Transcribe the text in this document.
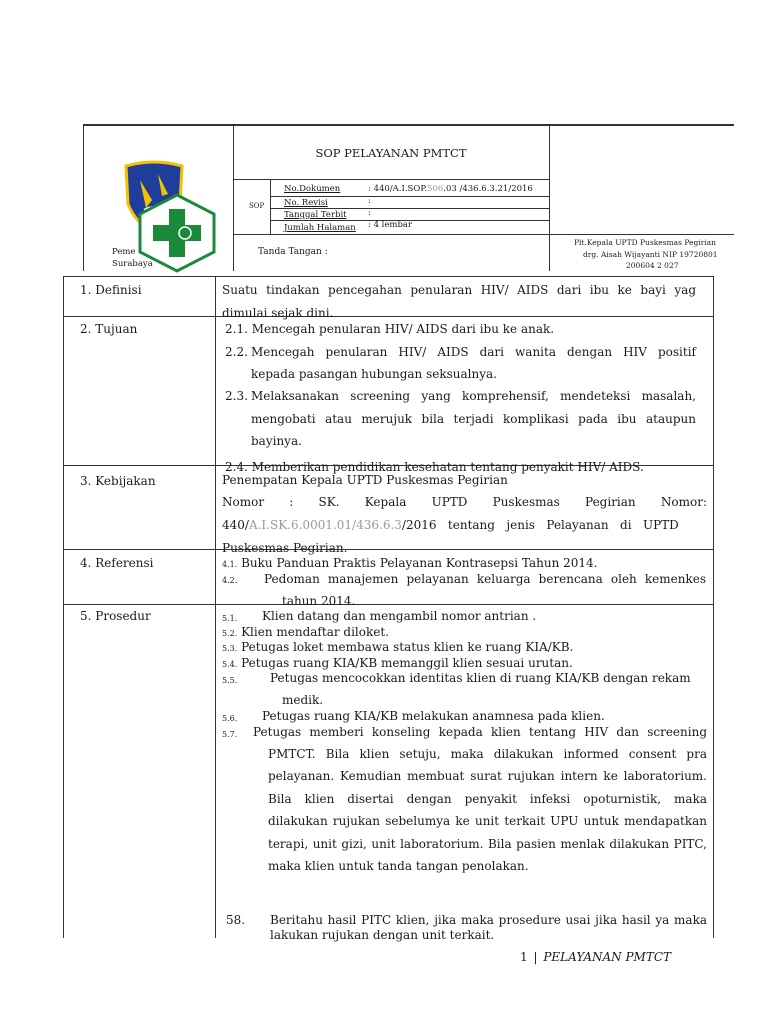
Peme
Surabaya
SOP PELAYANAN PMTCT
SOP
No.Dokumen	: 440/A.I.SOP.506.03 /436.6.3.21/2016
No. Revisi	:
Tanggal Terbit	:
Jumlah Halaman : 4 lembar
Tanda Tangan :
Plt.Kepala UPTD Puskesmas Pegirian
drg. Aisah Wijayanti NIP 19720801
200604 2 027
1. Definisi	Suatu tindakan pencegahan penularan HIV/ AIDS dari ibu ke bayi yag
dimulai sejak dini.
2. Tujuan	2.1. Mencegah penularan HIV/ AIDS dari ibu ke anak.
2.2. Mencegah penularan HIV/ AIDS dari wanita dengan HIV positif
kepada pasangan hubungan seksualnya.
2.3. Melaksanakan screening yang komprehensif, mendeteksi masalah,
mengobati atau merujuk bila terjadi komplikasi pada ibu ataupun
bayinya.
2.4. Memberikan pendidikan kesehatan tentang penyakit HIV/ AIDS.
3. Kebijakan	Penempatan Kepala UPTD Puskesmas Pegirian
Nomor : SK. Kepala UPTD Puskesmas Pegirian Nomor:
440/A.I.SK.6.0001.01/436.6.3/2016   tentang   jenis   Pelayanan   di   UPTD
Puskesmas Pegirian.
4. Referensi	4.1. Buku Panduan Praktis Pelayanan Kontrasepsi Tahun 2014.
4.2. Pedoman manajemen pelayanan keluarga berencana oleh kemenkes
tahun 2014.
5. Prosedur	5.1. Klien datang dan mengambil nomor antrian .
5.2. Klien mendaftar diloket.
5.3. Petugas loket membawa status klien ke ruang KIA/KB.
5.4. Petugas ruang KIA/KB memanggil klien sesuai urutan.
5.5.	Petugas mencocokkan identitas klien di ruang KIA/KB dengan rekam
medik.
5.6. Petugas ruang KIA/KB melakukan anamnesa pada klien.
5.7. Petugas memberi konseling kepada klien tentang HIV dan screening
PMTCT. Bila klien setuju, maka dilakukan informed consent pra
pelayanan. Kemudian membuat surat rujukan intern ke laboratorium.
Bila klien disertai dengan penyakit infeksi opoturnistik, maka
dilakukan rujukan sebelumya ke unit terkait UPU untuk mendapatkan
terapi, unit gizi, unit laboratorium. Bila pasien menlak dilakukan PITC,
maka klien untuk tanda tangan penolakan.
58. Beritahu hasil PITC klien, jika maka prosedure usai jika hasil ya maka
lakukan rujukan dengan unit terkait.
1 | PELAYANAN PMTCT
